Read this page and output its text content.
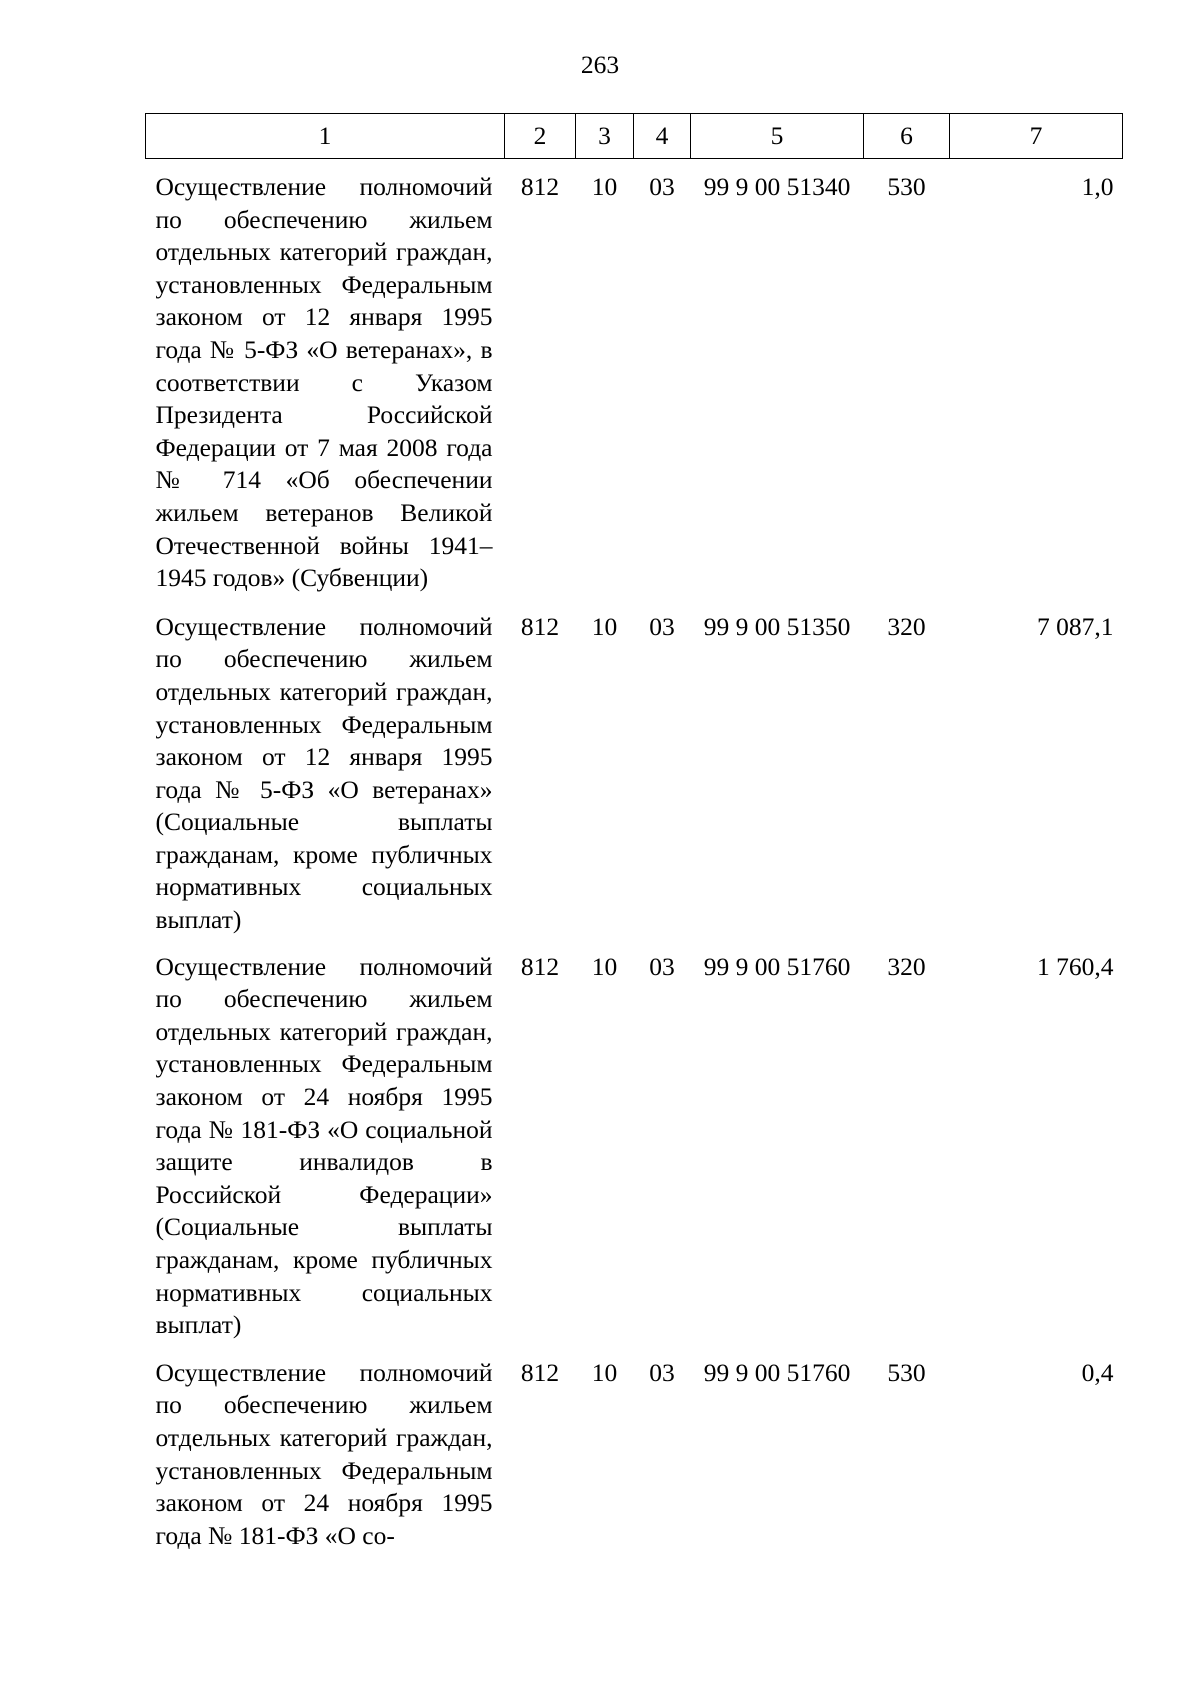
263
1	2	3	4	5	6	7
Осуществление полномочий по обеспечению жильем отдельных категорий граждан, установленных Федеральным законом от 12 января 1995 года № 5-ФЗ «О ветеранах», в соответствии с Указом Президента Российской Федерации от 7 мая 2008 года № 714 «Об обеспечении жильем ветеранов Великой Отечественной войны 1941–1945 годов» (Субвенции)	812	10	03	99 9 00 51340	530	1,0
Осуществление полномочий по обеспечению жильем отдельных категорий граждан, установленных Федеральным законом от 12 января 1995 года № 5-ФЗ «О ветеранах» (Социальные выплаты гражданам, кроме публичных нормативных социальных выплат)	812	10	03	99 9 00 51350	320	7 087,1
Осуществление полномочий по обеспечению жильем отдельных категорий граждан, установленных Федеральным законом от 24 ноября 1995 года № 181-ФЗ «О социальной защите инвалидов в Российской Федерации» (Социальные выплаты гражданам, кроме публичных нормативных социальных выплат)	812	10	03	99 9 00 51760	320	1 760,4
Осуществление полномочий по обеспечению жильем отдельных категорий граждан, установленных Федеральным законом от 24 ноября 1995 года № 181-ФЗ «О со-	812	10	03	99 9 00 51760	530	0,4
